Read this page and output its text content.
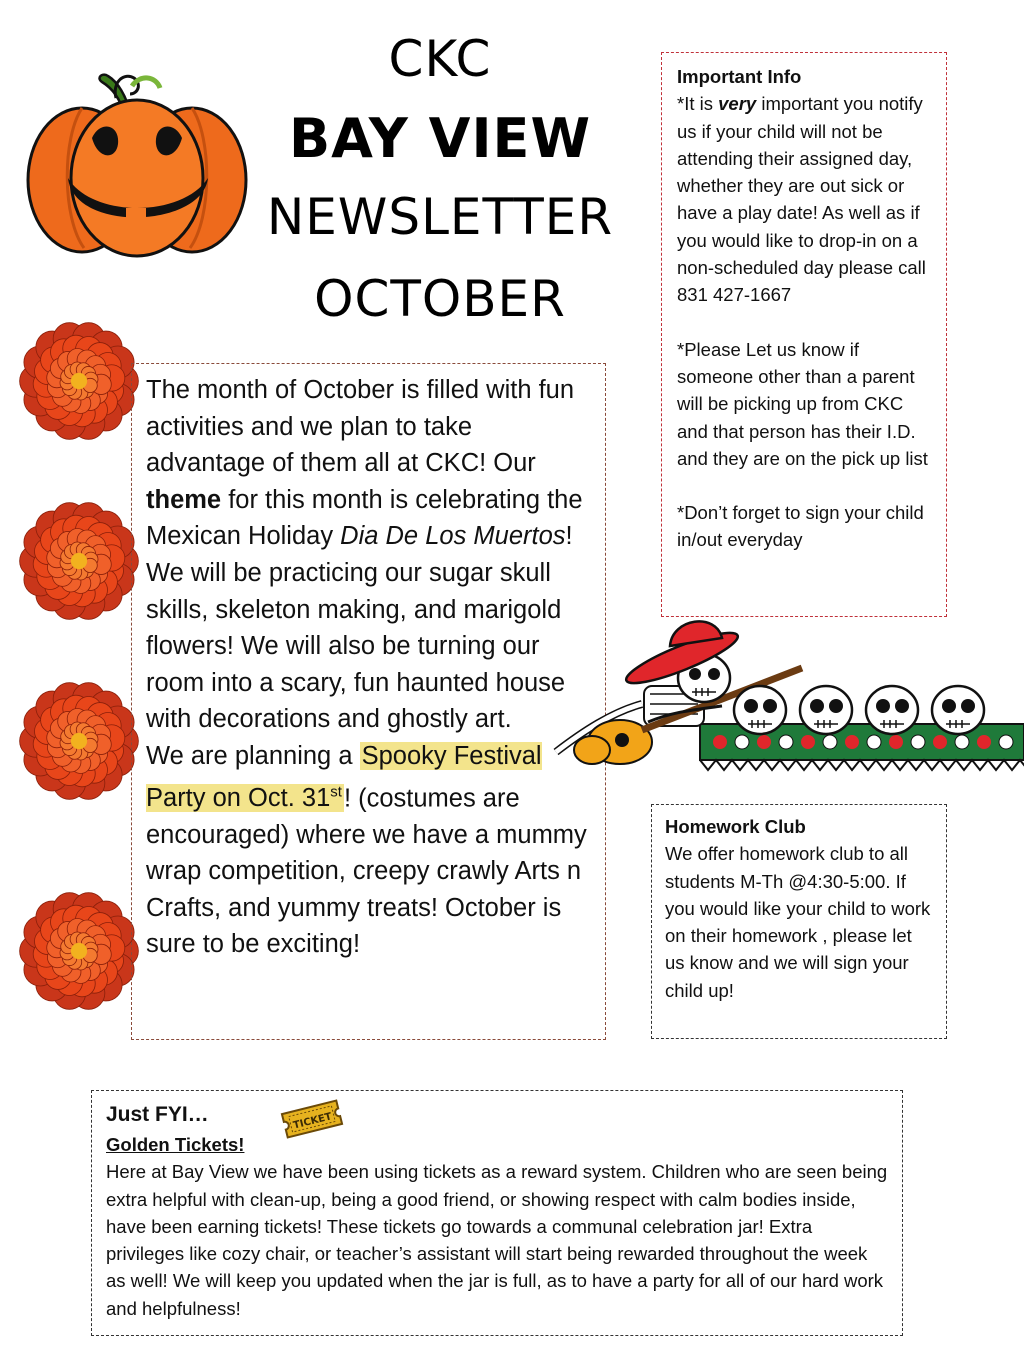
CKC
BAY VIEW
NEWSLETTER
OCTOBER

Important Info

*It is very important you notify us if your child will not be attending their assigned day, whether they are out sick or have a play date! As well as if you would like to drop-in on a non-scheduled day please call 831 427-1667

*Please Let us know if someone other than a parent will be picking up from CKC and that person has their I.D. and they are on the pick up list

*Don’t forget to sign your child in/out everyday

The month of October is filled with fun activities and we plan to take advantage of them all at CKC! Our theme for this month is celebrating the Mexican Holiday Dia De Los Muertos! We will be practicing our sugar skull skills, skeleton making, and marigold flowers! We will also be turning our room into a scary, fun haunted house with decorations and ghostly art.
We are planning a Spooky Festival Party on Oct. 31st! (costumes are encouraged) where we have a mummy wrap competition, creepy crawly Arts n Crafts, and yummy treats! October is sure to be exciting!
Homework Club
We offer homework club to all students M-Th @4:30-5:00. If you would like your child to work on their homework , please let us know and we will sign your child up!
Just FYI…	TICKET
Golden Tickets!
Here at Bay View we have been using tickets as a reward system. Children who are seen being extra helpful with clean-up, being a good friend, or showing respect with calm bodies inside, have been earning tickets! These tickets go towards a communal celebration jar! Extra privileges like cozy chair, or teacher’s assistant will start being rewarded throughout the week as well! We will keep you updated when the jar is full, as to have a party for all of our hard work and helpfulness!
